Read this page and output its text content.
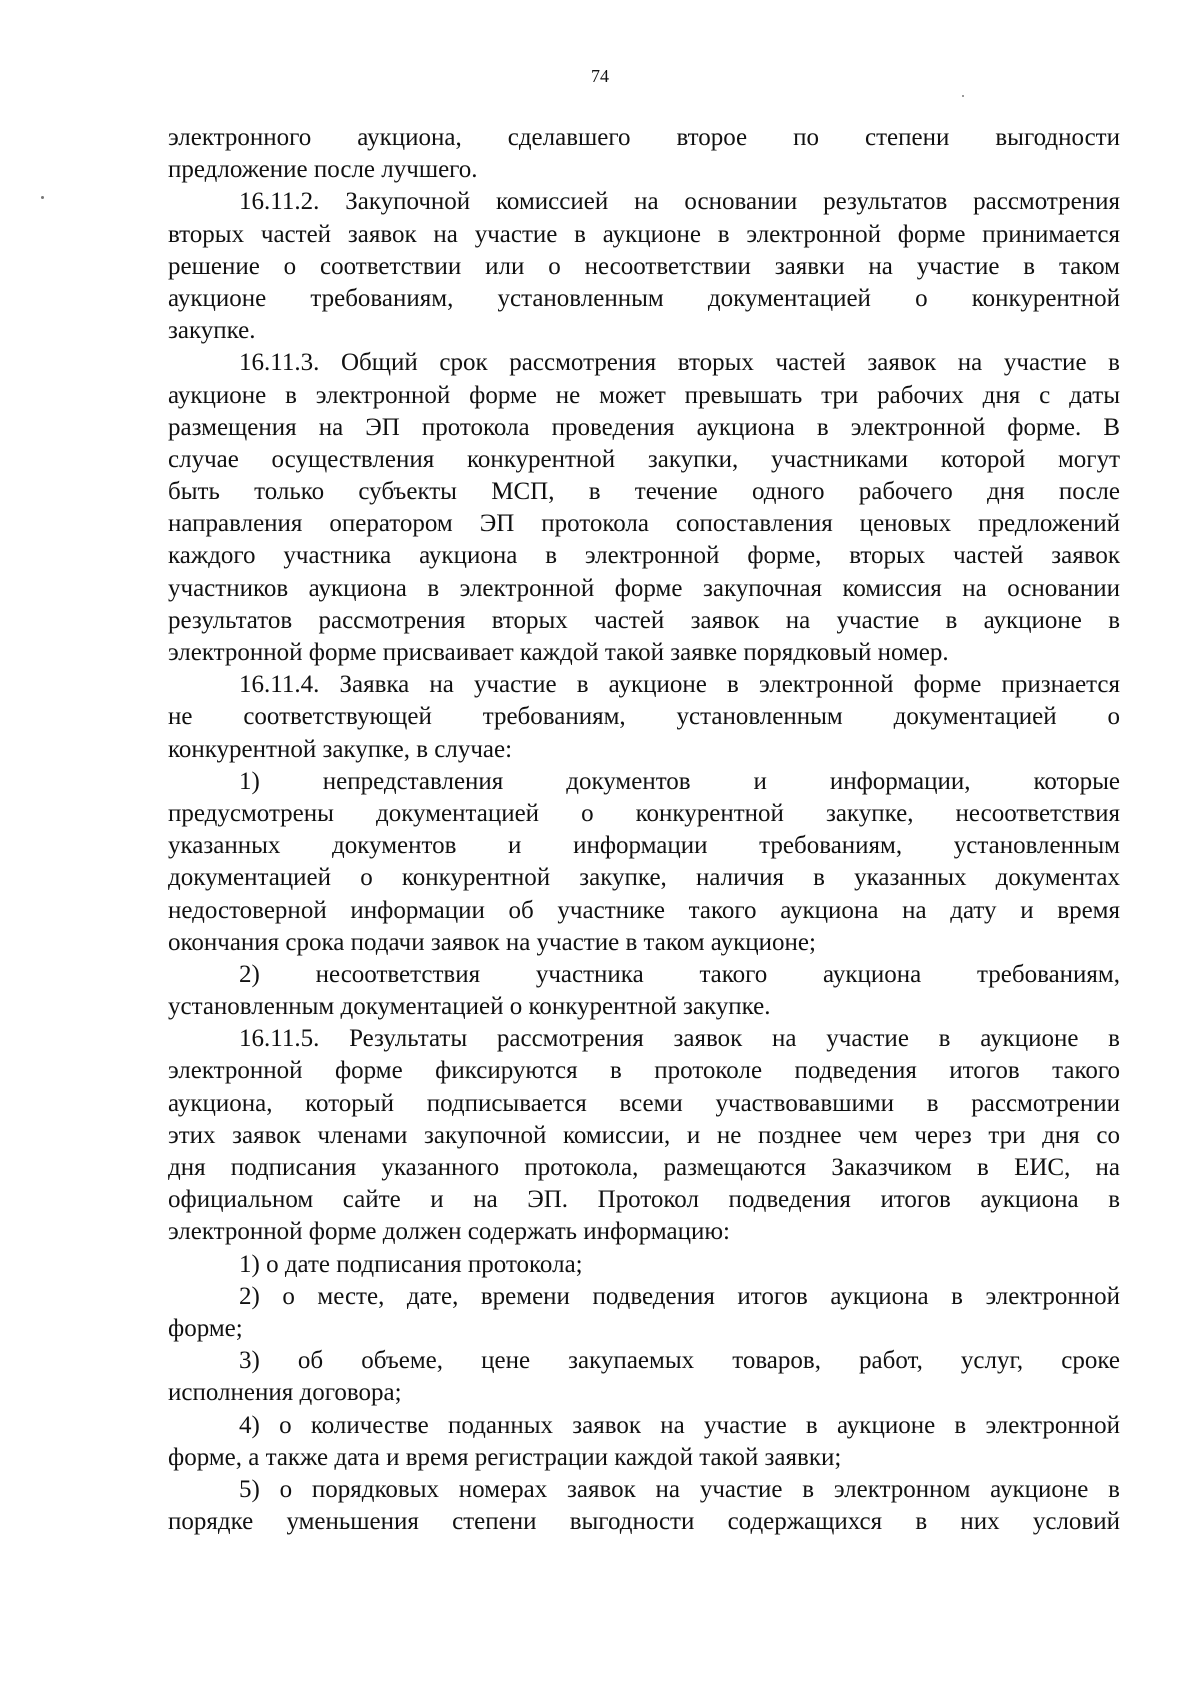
74
электронного аукциона, сделавшего второе по степени выгодности
предложение после лучшего.
16.11.2. Закупочной комиссией на основании результатов рассмотрения
вторых частей заявок на участие в аукционе в электронной форме принимается
решение о соответствии или о несоответствии заявки на участие в таком
аукционе требованиям, установленным документацией о конкурентной
закупке.
16.11.3. Общий срок рассмотрения вторых частей заявок на участие в
аукционе в электронной форме не может превышать три рабочих дня с даты
размещения на ЭП протокола проведения аукциона в электронной форме. В
случае осуществления конкурентной закупки, участниками которой могут
быть только субъекты МСП, в течение одного рабочего дня после
направления оператором ЭП протокола сопоставления ценовых предложений
каждого участника аукциона в электронной форме, вторых частей заявок
участников аукциона в электронной форме закупочная комиссия на основании
результатов рассмотрения вторых частей заявок на участие в аукционе в
электронной форме присваивает каждой такой заявке порядковый номер.
16.11.4. Заявка на участие в аукционе в электронной форме признается
не соответствующей требованиям, установленным документацией о
конкурентной закупке, в случае:
1) непредставления документов и информации, которые
предусмотрены документацией о конкурентной закупке, несоответствия
указанных документов и информации требованиям, установленным
документацией о конкурентной закупке, наличия в указанных документах
недостоверной информации об участнике такого аукциона на дату и время
окончания срока подачи заявок на участие в таком аукционе;
2) несоответствия участника такого аукциона требованиям,
установленным документацией о конкурентной закупке.
16.11.5. Результаты рассмотрения заявок на участие в аукционе в
электронной форме фиксируются в протоколе подведения итогов такого
аукциона, который подписывается всеми участвовавшими в рассмотрении
этих заявок членами закупочной комиссии, и не позднее чем через три дня со
дня подписания указанного протокола, размещаются Заказчиком в ЕИС, на
официальном сайте и на ЭП. Протокол подведения итогов аукциона в
электронной форме должен содержать информацию:
1) о дате подписания протокола;
2) о месте, дате, времени подведения итогов аукциона в электронной
форме;
3) об объеме, цене закупаемых товаров, работ, услуг, сроке
исполнения договора;
4) о количестве поданных заявок на участие в аукционе в электронной
форме, а также дата и время регистрации каждой такой заявки;
5) о порядковых номерах заявок на участие в электронном аукционе в
порядке уменьшения степени выгодности содержащихся в них условий
